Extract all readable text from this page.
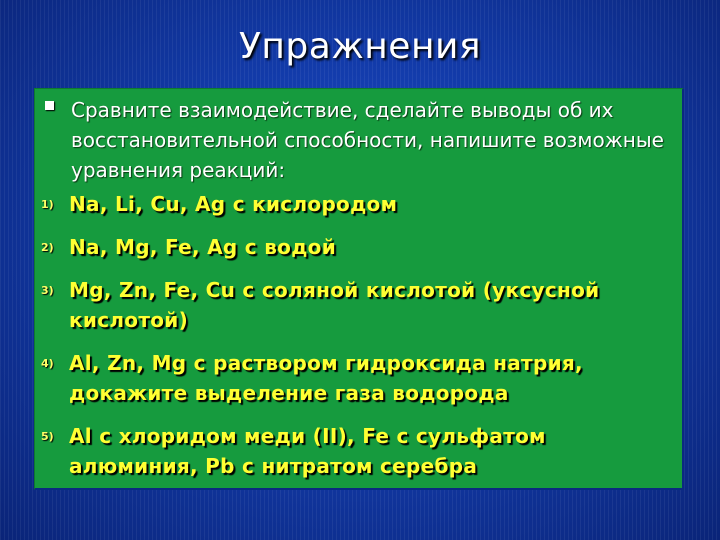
Упражнения
Сравните взаимодействие, сделайте выводы об их восстановительной способности, напишите возможные уравнения реакций:
1) Na, Li, Cu, Ag с кислородом
2) Na, Mg, Fe, Ag с водой
3) Mg, Zn, Fe, Cu с соляной кислотой (уксусной кислотой)
4) Al, Zn, Mg с раствором гидроксида натрия, докажите выделение газа водорода
5) Al с хлоридом меди (II), Fe с сульфатом алюминия, Pb с нитратом серебра
